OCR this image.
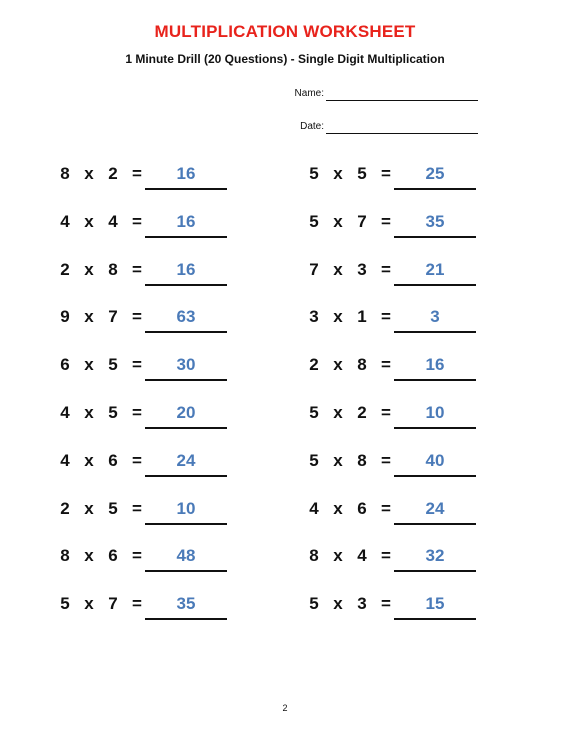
MULTIPLICATION WORKSHEET
1 Minute Drill (20 Questions) - Single Digit Multiplication
Name:
Date:
8 x 2 =	16
4 x 4 =	16
2 x 8 =	16
9 x 7 =	63
6 x 5 =	30
4 x 5 =	20
4 x 6 =	24
2 x 5 =	10
8 x 6 =	48
5 x 7 =	35
5 x 5 =	25
5 x 7 =	35
7 x 3 =	21
3 x 1 =	3
2 x 8 =	16
5 x 2 =	10
5 x 8 =	40
4 x 6 =	24
8 x 4 =	32
5 x 3 =	15
2
